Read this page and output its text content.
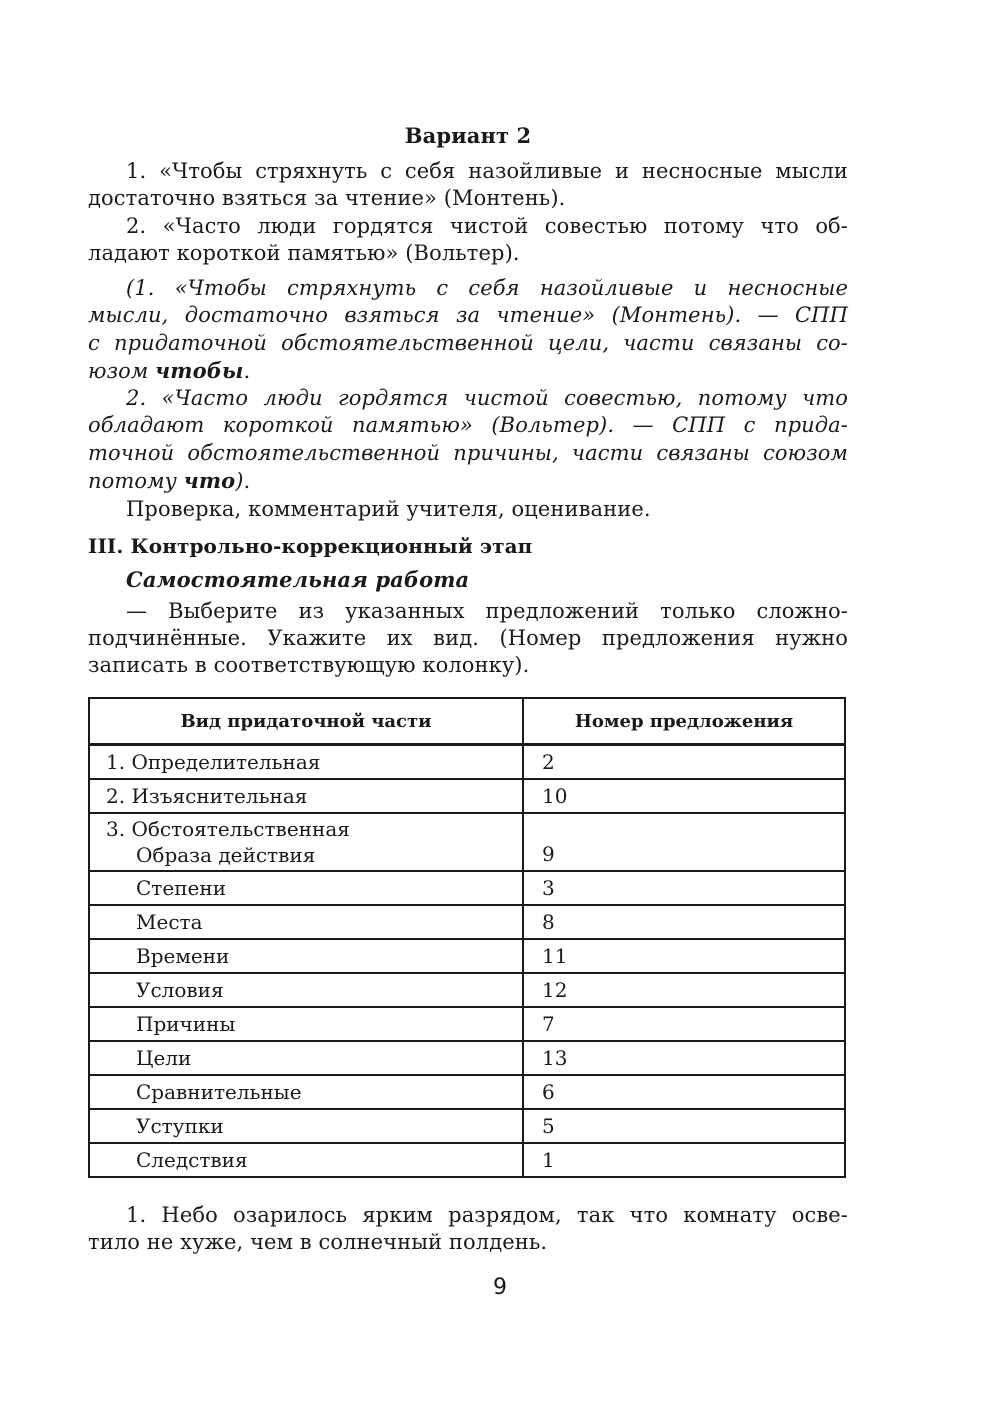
Вариант 2
1. «Чтобы стряхнуть с себя назойливые и несносные мысли
достаточно взяться за чтение» (Монтень).
2. «Часто люди гордятся чистой совестью потому что об-
ладают короткой памятью» (Вольтер).
(1. «Чтобы стряхнуть с себя назойливые и несносные
мысли, достаточно взяться за чтение» (Монтень). — СПП
с придаточной обстоятельственной цели, части связаны со-
юзом чтобы.
2. «Часто люди гордятся чистой совестью, потому что
обладают короткой памятью» (Вольтер). — СПП с прида-
точной обстоятельственной причины, части связаны союзом
потому что).
Проверка, комментарий учителя, оценивание.
III. Контрольно-коррекционный этап
Самостоятельная работа
— Выберите из указанных предложений только сложно-
подчинённые. Укажите их вид. (Номер предложения нужно
записать в соответствующую колонку).
Вид придаточной части	Номер предложения
1. Определительная	2
2. Изъяснительная	10

3. Обстоятельственная
Образа действия	9
Степени	3
Места	8
Времени	11
Условия	12
Причины	7
Цели	13
Сравнительные	6
Уступки	5
Следствия	1
1. Небо озарилось ярким разрядом, так что комнату осве-
тило не хуже, чем в солнечный полдень.
9
